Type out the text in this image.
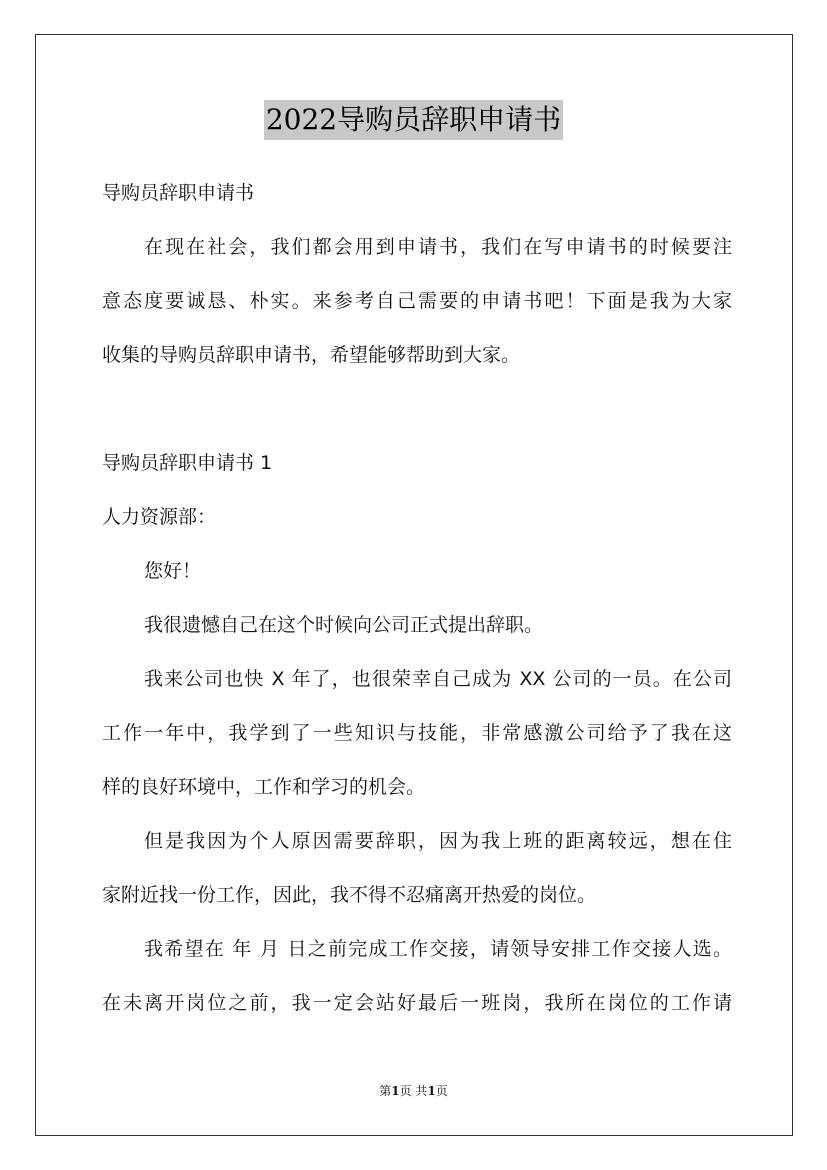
2022导购员辞职申请书
导购员辞职申请书
在现在社会，我们都会用到申请书，我们在写申请书的时候要注
意态度要诚恳、朴实。来参考自己需要的申请书吧！下面是我为大家
收集的导购员辞职申请书，希望能够帮助到大家。
导购员辞职申请书 1
人力资源部：
您好！
我很遗憾自己在这个时候向公司正式提出辞职。
我来公司也快 X 年了，也很荣幸自己成为 XX 公司的一员。在公司
工作一年中，我学到了一些知识与技能，非常感激公司给予了我在这
样的良好环境中，工作和学习的机会。
但是我因为个人原因需要辞职，因为我上班的距离较远，想在住
家附近找一份工作，因此，我不得不忍痛离开热爱的岗位。
我希望在 年 月 日之前完成工作交接，请领导安排工作交接人选。
在未离开岗位之前，我一定会站好最后一班岗，我所在岗位的工作请
第1页 共1页
